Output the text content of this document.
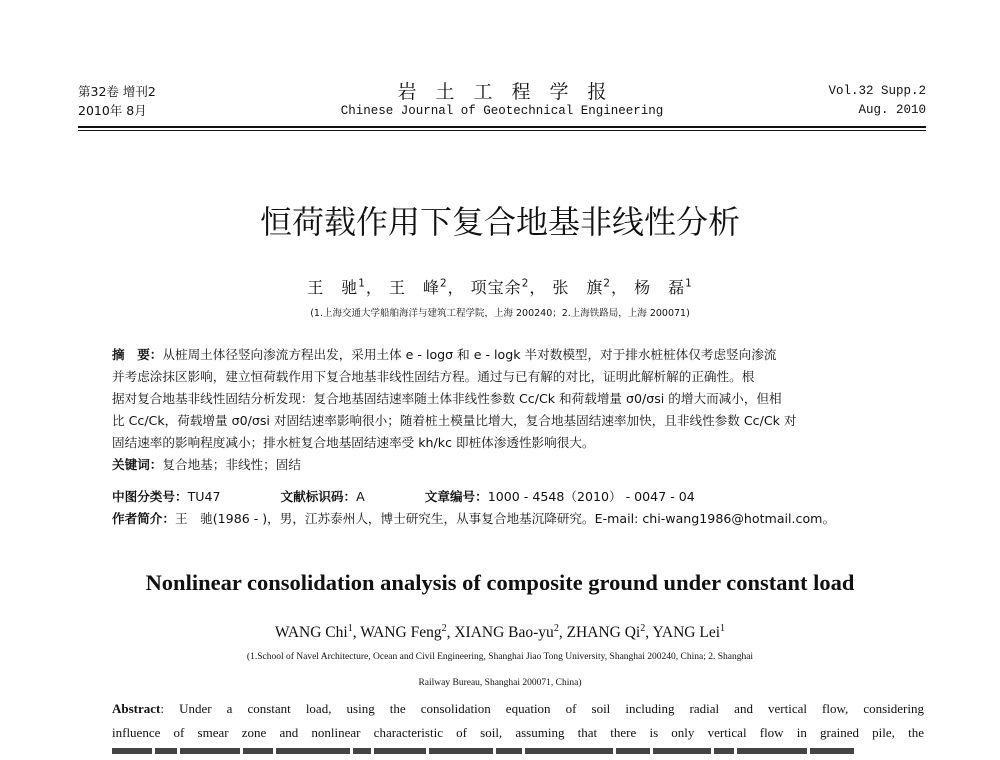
第32卷 增刊2
2010年 8月
岩土工程学报
Chinese Journal of Geotechnical Engineering
Vol.32 Supp.2
Aug. 2010
恒荷载作用下复合地基非线性分析
王　驰$^1$， 王　峰$^2$， 项宝余$^2$， 张　旗$^2$， 杨　磊$^1$
(1.上海交通大学船舶海洋与建筑工程学院，上海 200240；2.上海铁路局，上海 200071)

摘　要：从桩周土体径竖向渗流方程出发，采用土体 e - logσ 和 e - logk 半对数模型，对于排水桩桩体仅考虑竖向渗流

并考虑涂抹区影响，建立恒荷载作用下复合地基非线性固结方程。通过与已有解的对比，证明此解析解的正确性。根

据对复合地基非线性固结分析发现：复合地基固结速率随土体非线性参数 Cc/Ck 和荷载增量 σ0/σsi 的增大而减小，但相

比 Cc/Ck，荷载增量 σ0/σsi 对固结速率影响很小；随着桩土模量比增大，复合地基固结速率加快，且非线性参数 Cc/Ck 对

固结速率的影响程度减小；排水桩复合地基固结速率受 kh/kc 即桩体渗透性影响很大。

关键词：复合地基；非线性；固结

中图分类号：TU47	文献标识码：A	文章编号：1000 - 4548（2010） - 0047 - 04
作者简介：王　驰(1986 - )，男，江苏泰州人，博士研究生，从事复合地基沉降研究。E-mail: chi-wang1986@hotmail.com。
Nonlinear consolidation analysis of composite ground under constant load
WANG Chi$^1$, WANG Feng$^2$, XIANG Bao-$yu^2$, ZHANG Qi$^2$, YANG Lei$^1$
(1.School of Navel Architecture, Ocean and Civil Engineering, Shanghai Jiao Tong University, Shanghai 200240, China; 2. Shanghai
Railway Bureau, Shanghai 200071, China)
Abstract: Under a constant load, using the consolidation equation of soil including radial and vertical flow, considering
influence of smear zone and nonlinear characteristic of soil, assuming that there is only vertical flow in grained pile, the
